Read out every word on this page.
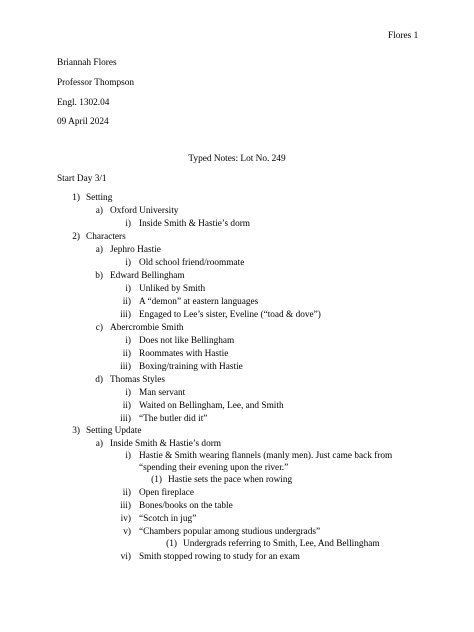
Flores 1
Briannah Flores
Professor Thompson
Engl. 1302.04
09 April 2024
Typed Notes: Lot No. 249
Start Day 3/1
1) Setting
a) Oxford University
i) Inside Smith & Hastie’s dorm
2) Characters
a) Jephro Hastie
i) Old school friend/roommate
b) Edward Bellingham
i) Unliked by Smith
ii) A “demon” at eastern languages
iii) Engaged to Lee’s sister, Eveline (“toad & dove”)
c) Abercrombie Smith
i) Does not like Bellingham
ii) Roommates with Hastie
iii) Boxing/training with Hastie
d) Thomas Styles
i) Man servant
ii) Waited on Bellingham, Lee, and Smith
iii) “The butler did it”
3) Setting Update
a) Inside Smith & Hastie’s dorm
i) Hastie & Smith wearing flannels (manly men). Just came back from “spending their evening upon the river.”
(1) Hastie sets the pace when rowing
ii) Open fireplace
iii) Bones/books on the table
iv) “Scotch in jug”
v) “Chambers popular among studious undergrads”
(1) Undergrads referring to Smith, Lee, And Bellingham
vi) Smith stopped rowing to study for an exam
